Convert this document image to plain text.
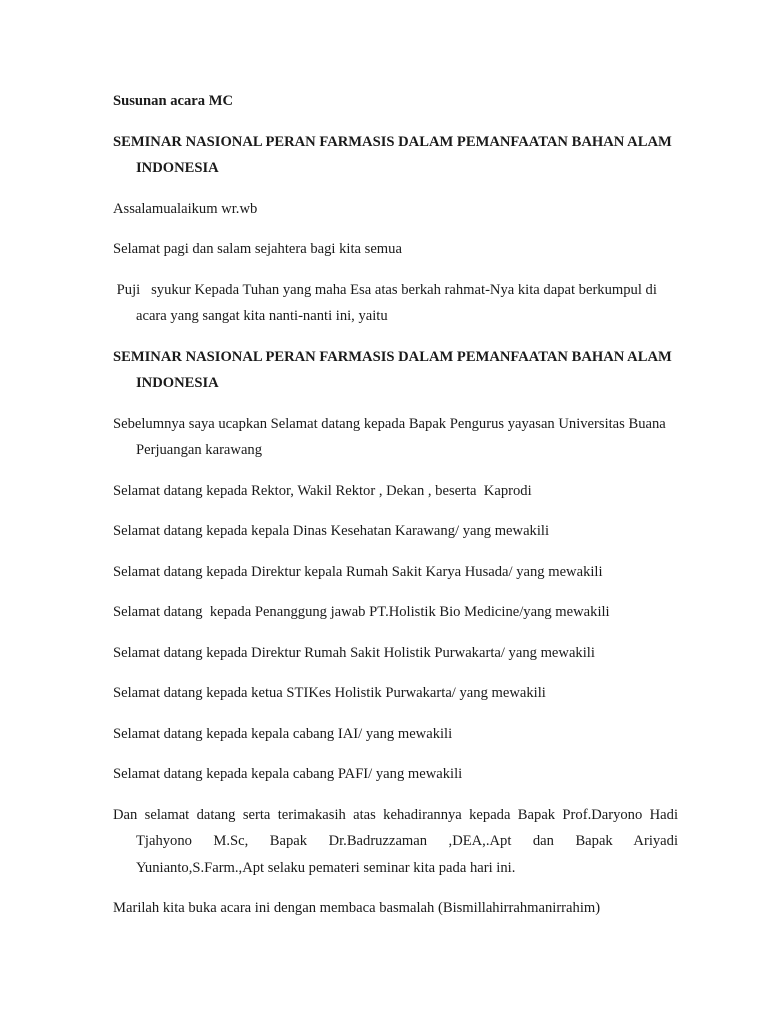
Susunan acara MC

SEMINAR NASIONAL PERAN FARMASIS DALAM PEMANFAATAN BAHAN ALAM INDONESIA

Assalamualaikum wr.wb

Selamat pagi dan salam sejahtera bagi kita semua

Puji   syukur Kepada Tuhan yang maha Esa atas berkah rahmat-Nya kita dapat berkumpul di acara yang sangat kita nanti-nanti ini, yaitu

SEMINAR NASIONAL PERAN FARMASIS DALAM PEMANFAATAN BAHAN ALAM INDONESIA

Sebelumnya saya ucapkan Selamat datang kepada Bapak Pengurus yayasan Universitas Buana Perjuangan karawang

Selamat datang kepada Rektor, Wakil Rektor , Dekan , beserta  Kaprodi

Selamat datang kepada kepala Dinas Kesehatan Karawang/ yang mewakili

Selamat datang kepada Direktur kepala Rumah Sakit Karya Husada/ yang mewakili

Selamat datang  kepada Penanggung jawab PT.Holistik Bio Medicine/yang mewakili

Selamat datang kepada Direktur Rumah Sakit Holistik Purwakarta/ yang mewakili

Selamat datang kepada ketua STIKes Holistik Purwakarta/ yang mewakili

Selamat datang kepada kepala cabang IAI/ yang mewakili

Selamat datang kepada kepala cabang PAFI/ yang mewakili

Dan selamat datang serta terimakasih atas kehadirannya kepada Bapak Prof.Daryono Hadi Tjahyono M.Sc, Bapak Dr.Badruzzaman ,DEA,.Apt dan Bapak Ariyadi Yunianto,S.Farm.,Apt selaku pemateri seminar kita pada hari ini.

Marilah kita buka acara ini dengan membaca basmalah (Bismillahirrahmanirrahim)
